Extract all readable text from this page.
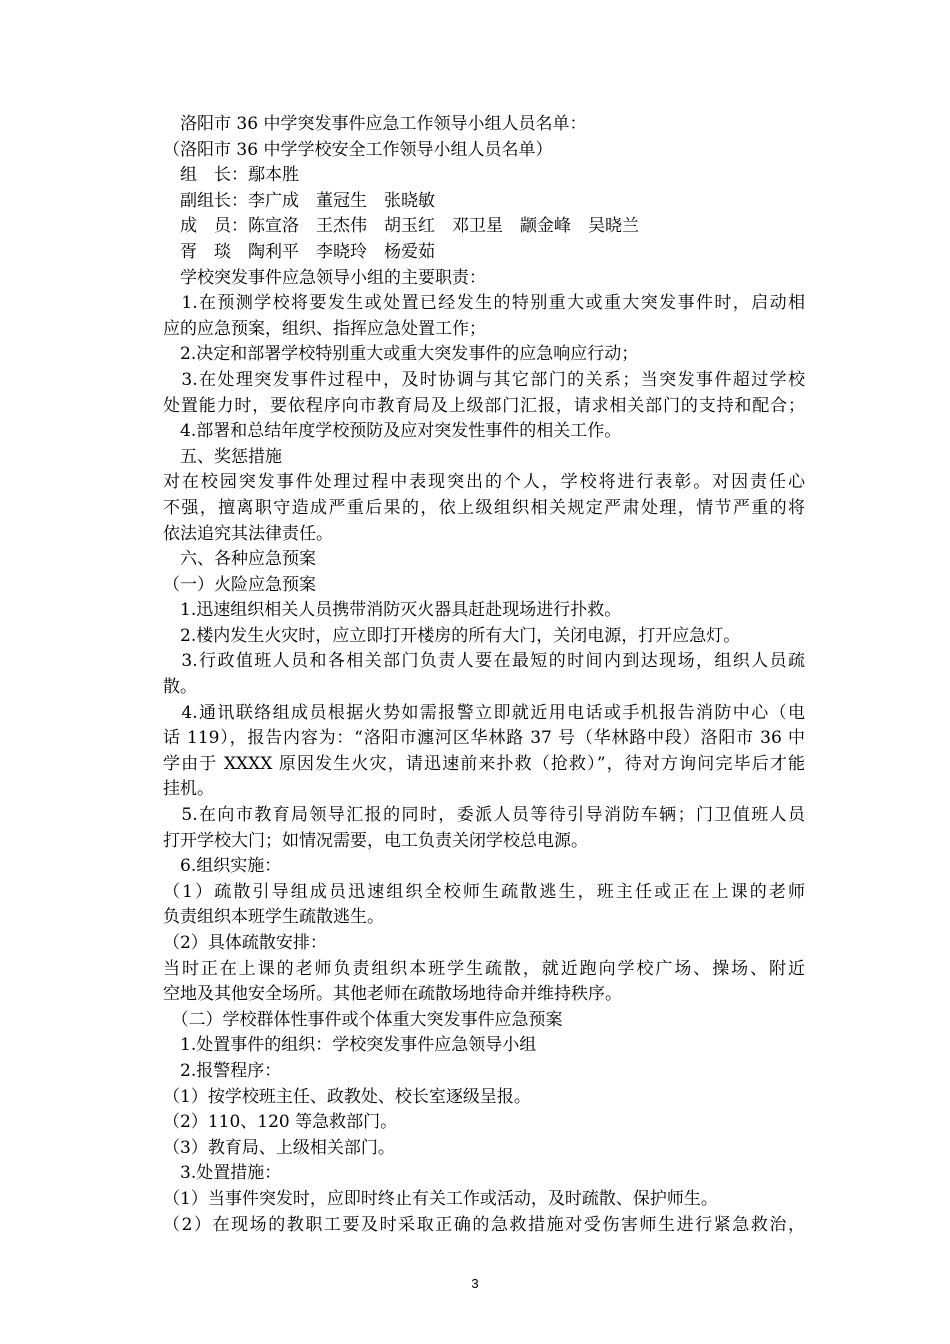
　洛阳市 36 中学突发事件应急工作领导小组人员名单：
（洛阳市 36 中学学校安全工作领导小组人员名单）
　组　长：鄢本胜
　副组长：李广成　董冠生　张晓敏
　成　员：陈宣洛　王杰伟　胡玉红　邓卫星　颛金峰　吴晓兰
　胥　琰　陶利平　李晓玲　杨爱茹
　学校突发事件应急领导小组的主要职责：
　1.在预测学校将要发生或处置已经发生的特别重大或重大突发事件时，启动相
应的应急预案，组织、指挥应急处置工作；
　2.决定和部署学校特别重大或重大突发事件的应急响应行动；
　3.在处理突发事件过程中，及时协调与其它部门的关系；当突发事件超过学校
处置能力时，要依程序向市教育局及上级部门汇报，请求相关部门的支持和配合；
　4.部署和总结年度学校预防及应对突发性事件的相关工作。
　五、奖惩措施
对在校园突发事件处理过程中表现突出的个人，学校将进行表彰。对因责任心
不强，擅离职守造成严重后果的，依上级组织相关规定严肃处理，情节严重的将
依法追究其法律责任。
　六、各种应急预案
（一）火险应急预案
　1.迅速组织相关人员携带消防灭火器具赶赴现场进行扑救。
　2.楼内发生火灾时，应立即打开楼房的所有大门，关闭电源，打开应急灯。
　3.行政值班人员和各相关部门负责人要在最短的时间内到达现场，组织人员疏
散。
　4.通讯联络组成员根据火势如需报警立即就近用电话或手机报告消防中心（电
话 119），报告内容为：“洛阳市瀍河区华林路 37 号（华林路中段）洛阳市 36 中
学由于 XXXX 原因发生火灾，请迅速前来扑救（抢救）”，待对方询问完毕后才能
挂机。
　5.在向市教育局领导汇报的同时，委派人员等待引导消防车辆；门卫值班人员
打开学校大门；如情况需要，电工负责关闭学校总电源。
　6.组织实施：
（1）疏散引导组成员迅速组织全校师生疏散逃生，班主任或正在上课的老师
负责组织本班学生疏散逃生。
（2）具体疏散安排：
当时正在上课的老师负责组织本班学生疏散，就近跑向学校广场、操场、附近
空地及其他安全场所。其他老师在疏散场地待命并维持秩序。
　（二）学校群体性事件或个体重大突发事件应急预案
　1.处置事件的组织：学校突发事件应急领导小组
　2.报警程序：
（1）按学校班主任、政教处、校长室逐级呈报。
（2）110、120 等急救部门。
（3）教育局、上级相关部门。
　3.处置措施：
（1）当事件突发时，应即时终止有关工作或活动，及时疏散、保护师生。
（2）在现场的教职工要及时采取正确的急救措施对受伤害师生进行紧急救治，
3
